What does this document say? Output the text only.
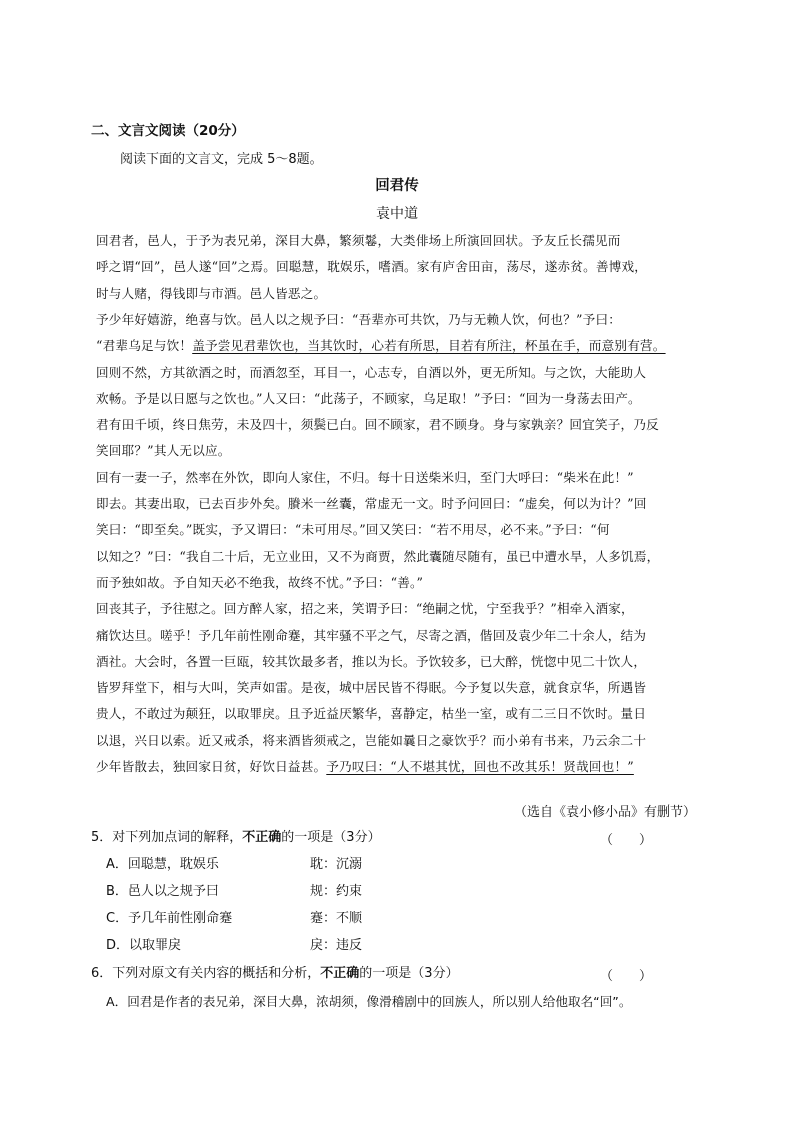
二、文言文阅读（20分）
阅读下面的文言文，完成 5～8题。
回君传
袁中道
回君者，邑人，于予为表兄弟，深目大鼻，繁须鬈，大类俳场上所演回回状。予友丘长孺见而
呼之谓“回”，邑人遂“回”之焉。回聪慧，耽娱乐，嗜酒。家有庐舍田亩，荡尽，遂赤贫。善博戏，
时与人赌，得钱即与市酒。邑人皆恶之。
予少年好嬉游，绝喜与饮。邑人以之规予曰：“吾辈亦可共饮，乃与无赖人饮，何也？”予曰：
“君辈乌足与饮！盖予尝见君辈饮也，当其饮时，心若有所思，目若有所注，杯虽在手，而意别有营。
回则不然，方其欲酒之时，而酒忽至，耳目一，心志专，自酒以外，更无所知。与之饮，大能助人
欢畅。予是以日愿与之饮也。”人又曰：“此荡子，不顾家，乌足取！”予曰：“回为一身荡去田产。
君有田千顷，终日焦劳，未及四十，须鬓已白。回不顾家，君不顾身。身与家孰亲？回宜笑子，乃反
笑回耶？”其人无以应。
回有一妻一子，然率在外饮，即向人家住，不归。每十日送柴米归，至门大呼曰：“柴米在此！”
即去。其妻出取，已去百步外矣。賸米一丝囊，常虚无一文。时予问回曰：“虚矣，何以为计？”回
笑曰：“即至矣。”既实，予又谓曰：“未可用尽。”回又笑曰：“若不用尽，必不来。”予曰：“何
以知之？”曰：“我自二十后，无立业田，又不为商贾，然此囊随尽随有，虽已中遭水旱，人多饥焉，
而予独如故。予自知天必不绝我，故终不忧。”予曰：“善。”
回丧其子，予往慰之。回方醉人家，招之来，笑谓予曰：“绝嗣之忧，宁至我乎？”相牵入酒家，
痛饮达旦。嗟乎！予几年前性刚命蹇，其牢骚不平之气，尽寄之酒，偕回及袁少年二十余人，结为
酒社。大会时，各置一巨瓯，较其饮最多者，推以为长。予饮较多，已大醉，恍惚中见二十饮人，
皆罗拜堂下，相与大叫，笑声如雷。是夜，城中居民皆不得眠。今予复以失意，就食京华，所遇皆
贵人，不敢过为颠狂，以取罪戾。且予近益厌繁华，喜静定，枯坐一室，或有二三日不饮时。量日
以退，兴日以索。近又戒杀，将来酒皆须戒之，岂能如曩日之豪饮乎？而小弟有书来，乃云余二十
少年皆散去，独回家日贫，好饮日益甚。予乃叹曰：“人不堪其忧，回也不改其乐！贤哉回也！”
（选自《袁小修小品》有删节）
5．对下列加点词的解释，不正确的一项是（3分）	（　　）
A．回聪慧，耽娱乐	耽：沉溺
B．邑人以之规予曰	规：约束
C．予几年前性刚命蹇	蹇：不顺
D．以取罪戾	戾：违反
6．下列对原文有关内容的概括和分析，不正确的一项是（3分）	（　　）
A．回君是作者的表兄弟，深目大鼻，浓胡须，像滑稽剧中的回族人，所以别人给他取名“回”。
